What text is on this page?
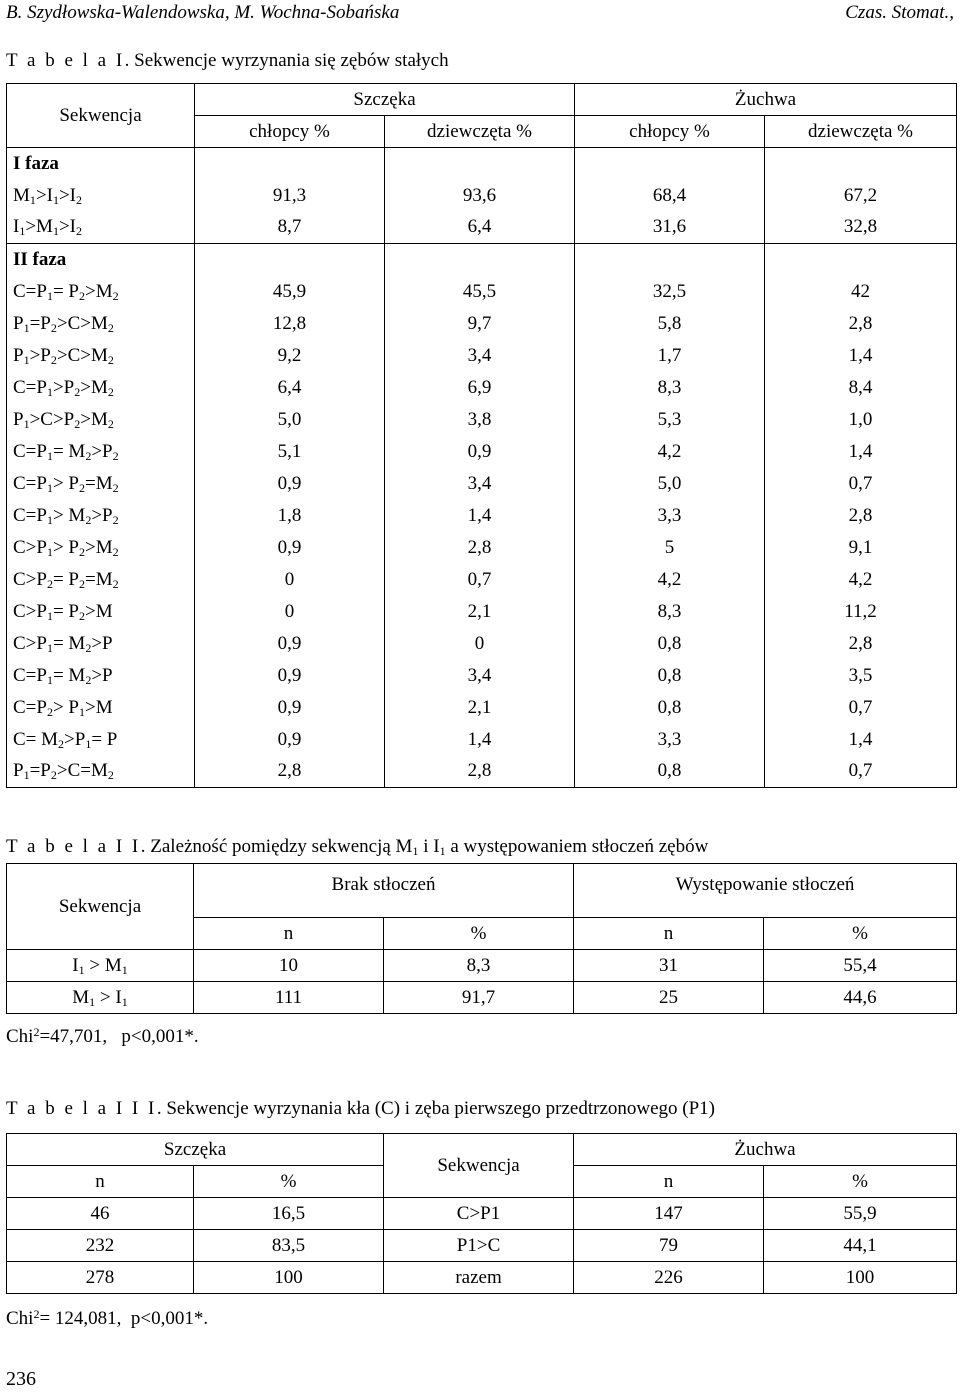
B. Szydłowska-Walendowska, M. Wochna-Sobańska	Czas. Stomat.,
T a b e l a I. Sekwencje wyrzynania się zębów stałych
Sekwencja	Szczęka		Żuchwa	
	chłopcy %	dziewczęta %	chłopcy %	dziewczęta %
I faza				
$M_1>I_1>I_2$	91,3	93,6	68,4	67,2
$I_1>M_1>I_2$	8,7	6,4	31,6	32,8
II faza				
$C=P_1= P_2>M_2$	45,9	45,5	32,5	42
$P_1=P_2>C>M_2$	12,8	9,7	5,8	2,8
$P_1>P_2>C>M_2$	9,2	3,4	1,7	1,4
$C=P_1>P_2>M_2$	6,4	6,9	8,3	8,4
$P_1>C>P_2>M_2$	5,0	3,8	5,3	1,0
$C=P_1= M_2>P_2$	5,1	0,9	4,2	1,4
$C=P_1> P_2=M_2$	0,9	3,4	5,0	0,7
$C=P_1> M_2>P_2$	1,8	1,4	3,3	2,8
$C>P_1> P_2>M_2$	0,9	2,8	5	9,1
$C>P_2= P_2=M_2$	0	0,7	4,2	4,2
$C>P_1= P_2>M$	0	2,1	8,3	11,2
$C>P_1= M_2>P$	0,9	0	0,8	2,8
$C=P_1= M_2>P$	0,9	3,4	0,8	3,5
$C=P_2> P_1>M$	0,9	2,1	0,8	0,7
$C= M_2>P_1= P$	0,9	1,4	3,3	1,4
$P_1=P_2>C=M_2$	2,8	2,8	0,8	0,7
T a b e l a I I. Zależność pomiędzy sekwencją $M_1$ i $I_1$ a występowaniem stłoczeń zębów
Sekwencja	Brak stłoczeń		Występowanie stłoczeń	
	n	%	n	%
$I_1 > M_1$	10	8,3	31	55,4
$M_1 > I_1$	111	91,7	25	44,6
Chi$^2$=47,701,   p<0,001*.
T a b e l a I I I. Sekwencje wyrzynania kła (C) i zęba pierwszego przedtrzonowego (P1)
Szczęka		Sekwencja	Żuchwa	
n	%		n	%
46	16,5	C>P1	147	55,9
232	83,5	P1>C	79	44,1
278	100	razem	226	100
Chi$^2$= 124,081,  p<0,001*.
236
